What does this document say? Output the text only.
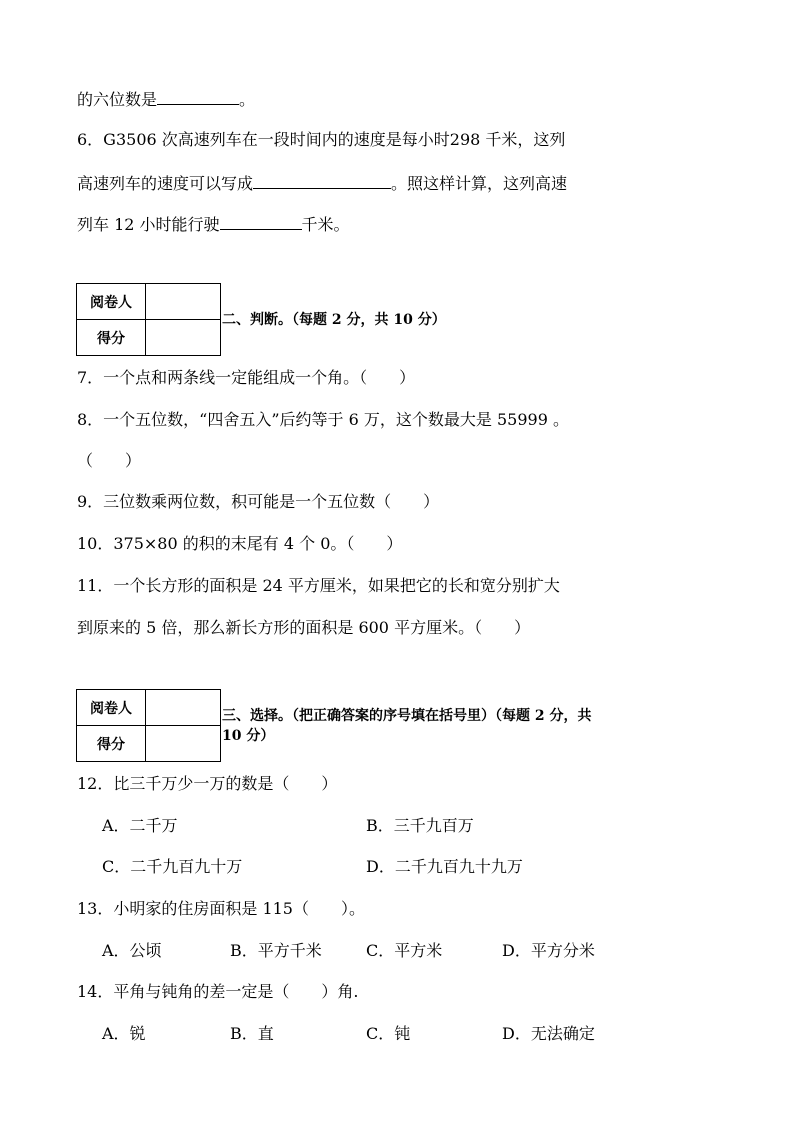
的六位数是	。
6．G3506 次高速列车在一段时间内的速度是每小时298 千米，这列
高速列车的速度可以写成	。照这样计算，这列高速
列车 12 小时能行驶	千米。
阅卷人	
得分	
二、判断。（每题 2 分，共 10 分）
7．一个点和两条线一定能组成一个角。（　　）
8．一个五位数，“四舍五入”后约等于 6 万，这个数最大是 55999 。
（　　）
9．三位数乘两位数，积可能是一个五位数（　　）
10．375×80 的积的末尾有 4 个 0。（　　）
11．一个长方形的面积是 24 平方厘米，如果把它的长和宽分别扩大
到原来的 5 倍，那么新长方形的面积是 600 平方厘米。（　　）
阅卷人	
得分	
三、选择。（把正确答案的序号填在括号里）（每题 2 分，共
10 分）
12．比三千万少一万的数是（　　）
A．二千万	B．三千九百万
C．二千九百九十万	D．二千九百九十九万
13．小明家的住房面积是 115（　　）。
A．公顷	B．平方千米	C．平方米	D．平方分米
14．平角与钝角的差一定是（　　）角.
A．锐	B．直	C．钝	D．无法确定
